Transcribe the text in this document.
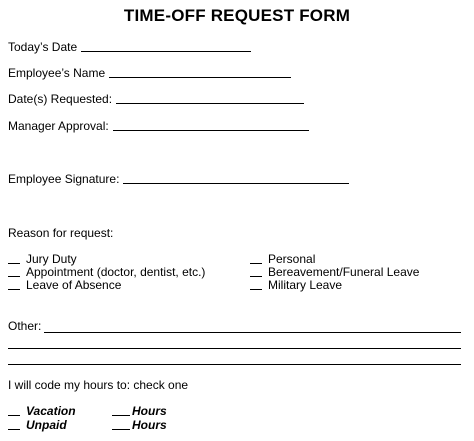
TIME-OFF REQUEST FORM
Today’s Date
Employee’s Name
Date(s) Requested:
Manager Approval:
Employee Signature:
Reason for request:
Jury Duty
Appointment (doctor, dentist, etc.)
Leave of Absence
Personal
Bereavement/Funeral Leave
Military Leave
Other:
I will code my hours to: check one
Vacation
Unpaid
Hours
Hours
